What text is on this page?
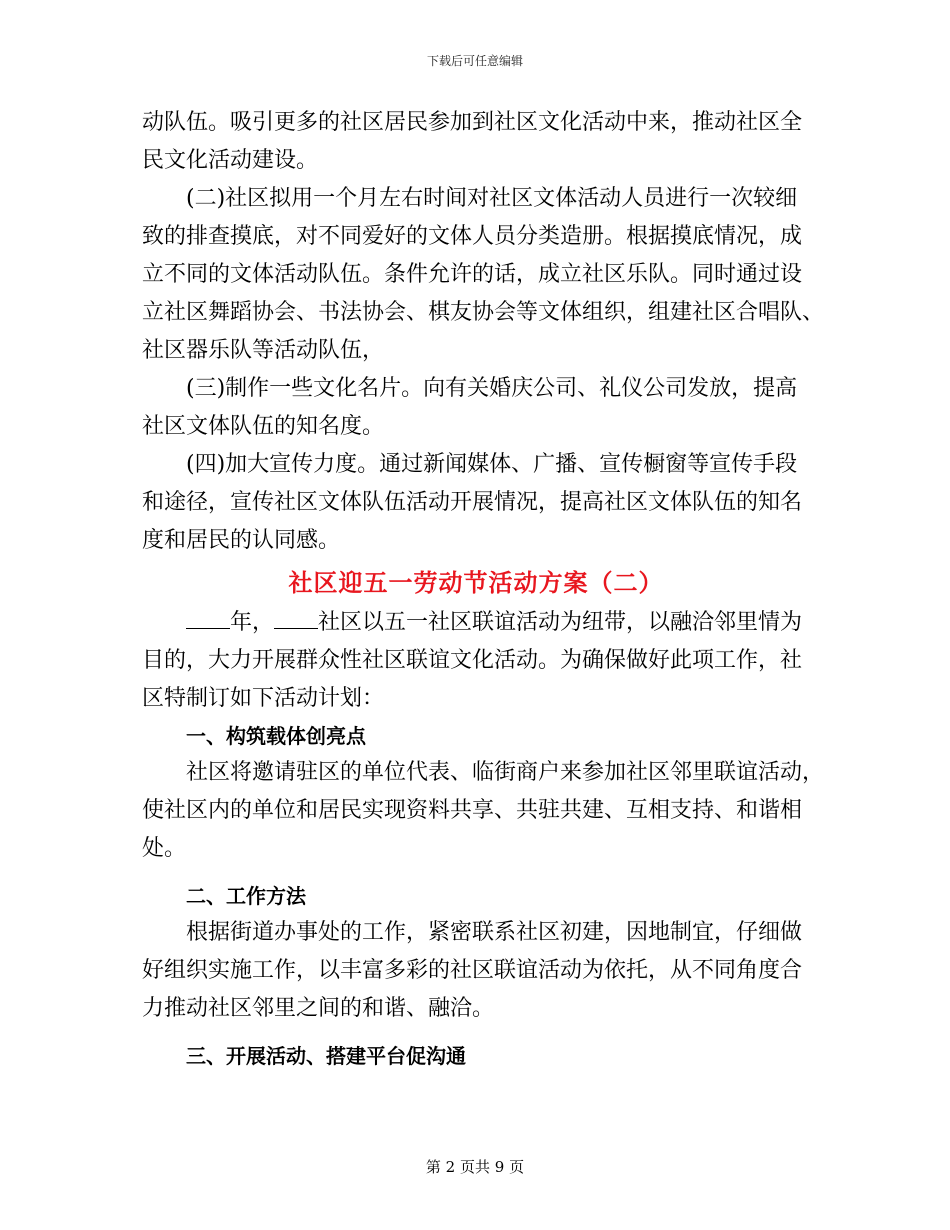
下载后可任意编辑
动队伍。吸引更多的社区居民参加到社区文化活动中来，推动社区全
民文化活动建设。
(二)社区拟用一个月左右时间对社区文体活动人员进行一次较细
致的排查摸底，对不同爱好的文体人员分类造册。根据摸底情况，成
立不同的文体活动队伍。条件允许的话，成立社区乐队。同时通过设
立社区舞蹈协会、书法协会、棋友协会等文体组织，组建社区合唱队、
社区器乐队等活动队伍，
(三)制作一些文化名片。向有关婚庆公司、礼仪公司发放，提高
社区文体队伍的知名度。
(四)加大宣传力度。通过新闻媒体、广播、宣传橱窗等宣传手段
和途径，宣传社区文体队伍活动开展情况，提高社区文体队伍的知名
度和居民的认同感。
社区迎五一劳动节活动方案（二）
年， 社区以五一社区联谊活动为纽带，以融洽邻里情为
目的，大力开展群众性社区联谊文化活动。为确保做好此项工作，社
区特制订如下活动计划：
一、构筑载体创亮点
社区将邀请驻区的单位代表、临街商户来参加社区邻里联谊活动，
使社区内的单位和居民实现资料共享、共驻共建、互相支持、和谐相
处。
二、工作方法
根据街道办事处的工作，紧密联系社区初建，因地制宜，仔细做
好组织实施工作，以丰富多彩的社区联谊活动为依托，从不同角度合
力推动社区邻里之间的和谐、融洽。
三、开展活动、搭建平台促沟通
第 2 页共 9 页
